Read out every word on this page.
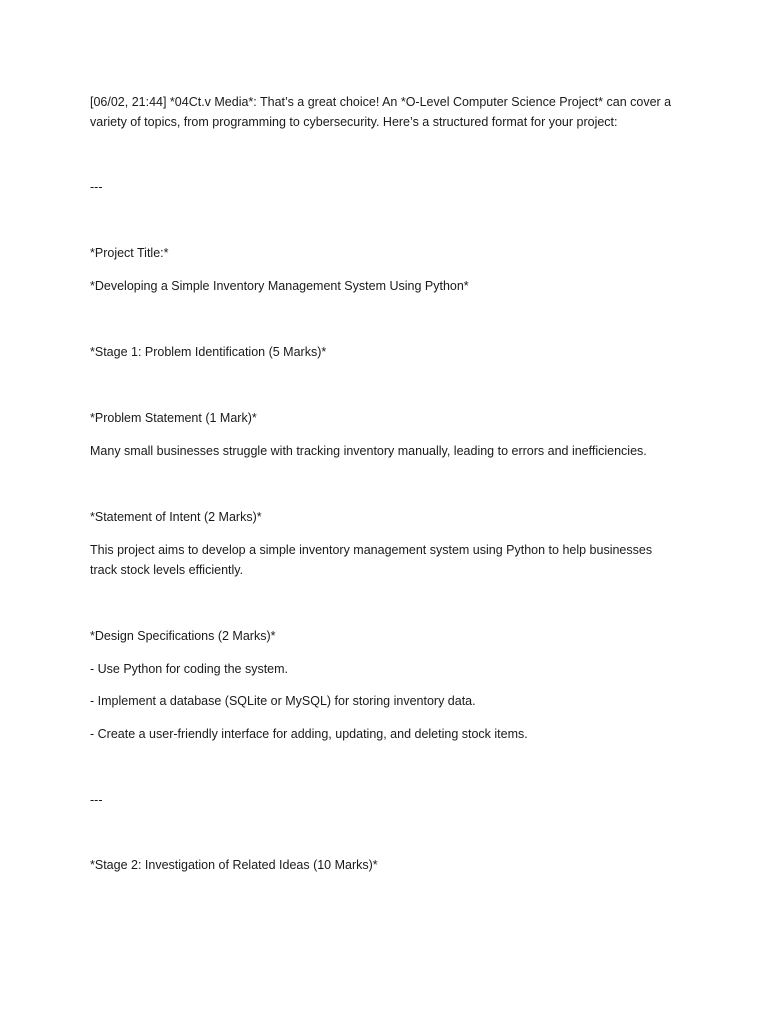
[06/02, 21:44] *04Ct.v Media*: That’s a great choice! An *O-Level Computer Science Project* can cover a variety of topics, from programming to cybersecurity. Here’s a structured format for your project:

---

*Project Title:*

*Developing a Simple Inventory Management System Using Python*

*Stage 1: Problem Identification (5 Marks)*

*Problem Statement (1 Mark)*

Many small businesses struggle with tracking inventory manually, leading to errors and inefficiencies.

*Statement of Intent (2 Marks)*

This project aims to develop a simple inventory management system using Python to help businesses track stock levels efficiently.

*Design Specifications (2 Marks)*

- Use Python for coding the system.

- Implement a database (SQLite or MySQL) for storing inventory data.

- Create a user-friendly interface for adding, updating, and deleting stock items.

---

*Stage 2: Investigation of Related Ideas (10 Marks)*
